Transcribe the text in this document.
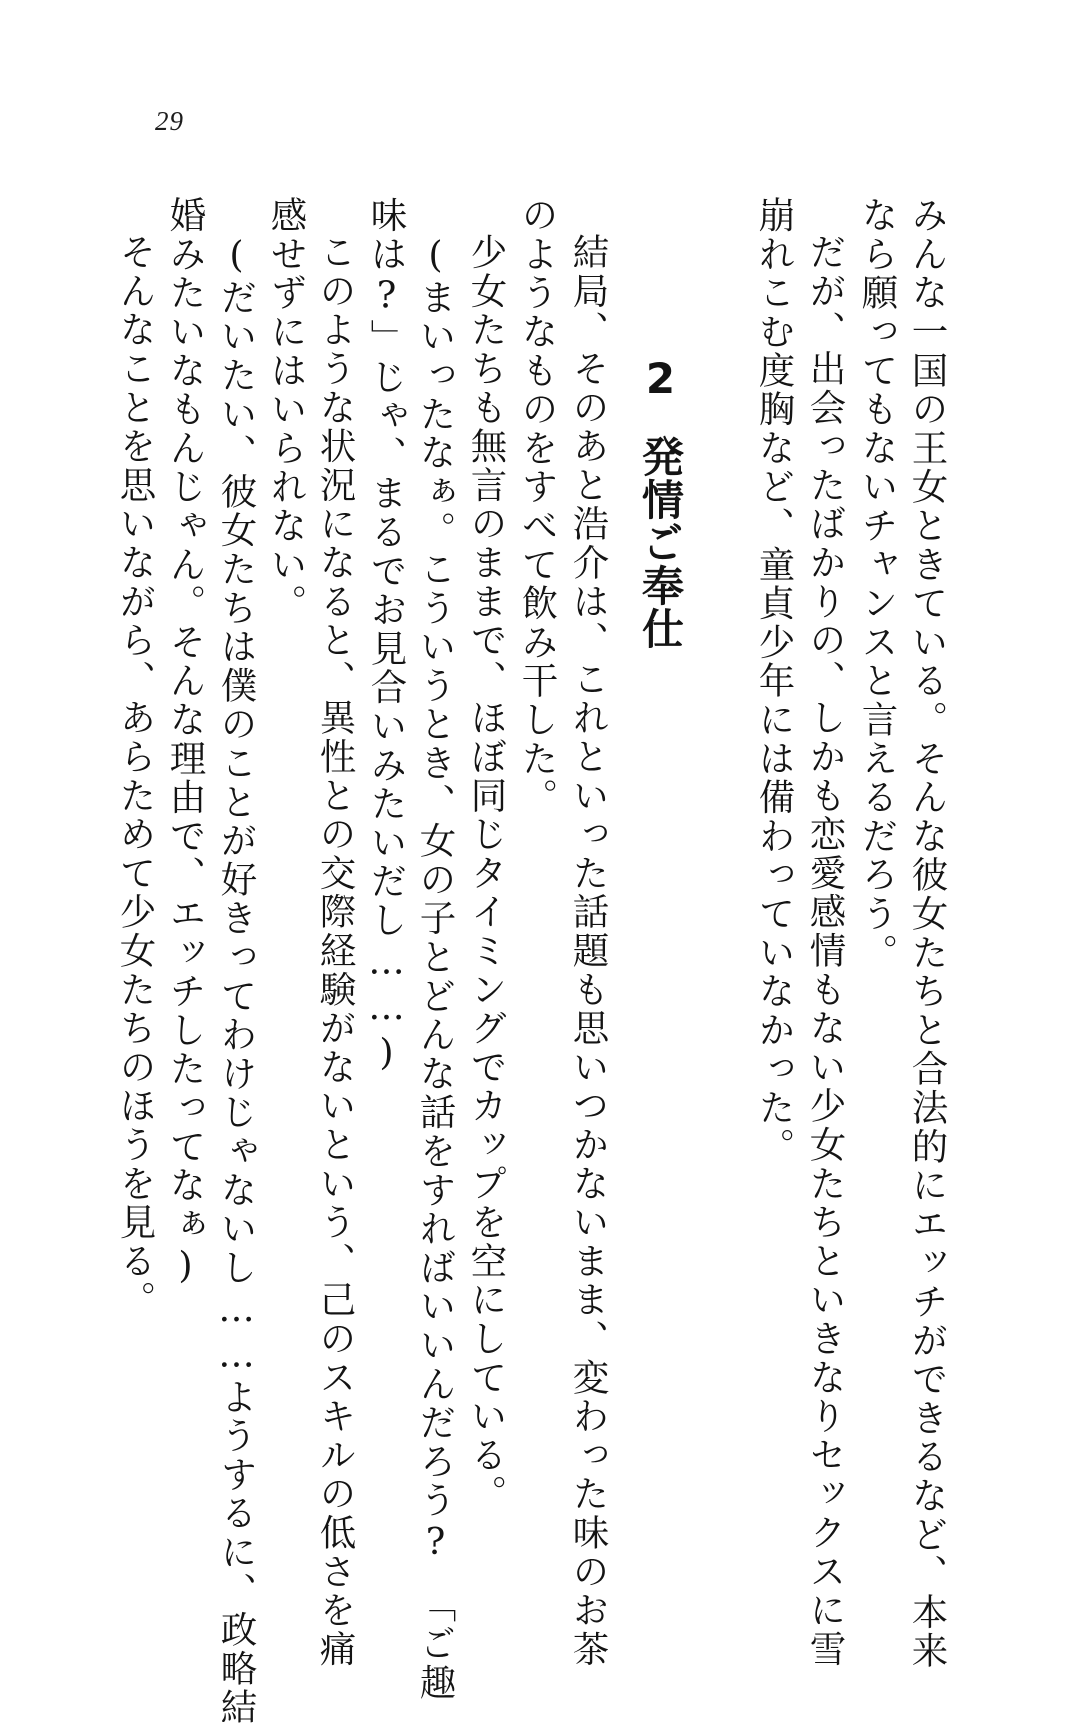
29
みんな一国の王女ときている。そんな彼女たちと合法的にエッチができるなど、本来
なら願ってもないチャンスと言えるだろう。
だが、出会ったばかりの、しかも恋愛感情もない少女たちといきなりセックスに雪
崩れこむ度胸など、童貞少年には備わっていなかった。
2
発情ご奉仕
結局、そのあと浩介は、これといった話題も思いつかないまま、変わった味のお茶
のようなものをすべて飲み干した。
少女たちも無言のままで、ほぼ同じタイミングでカップを空にしている。
(まいったなぁ。こういうとき、女の子とどんな話をすればいいんだろう?　「ご趣
味は?」じゃ、まるでお見合いみたいだし……)
このような状況になると、異性との交際経験がないという、己のスキルの低さを痛
感せずにはいられない。
(だいたい、彼女たちは僕のことが好きってわけじゃないし……ようするに、政略結
婚みたいなもんじゃん。そんな理由で、エッチしたってなぁ)
そんなことを思いながら、あらためて少女たちのほうを見る。
